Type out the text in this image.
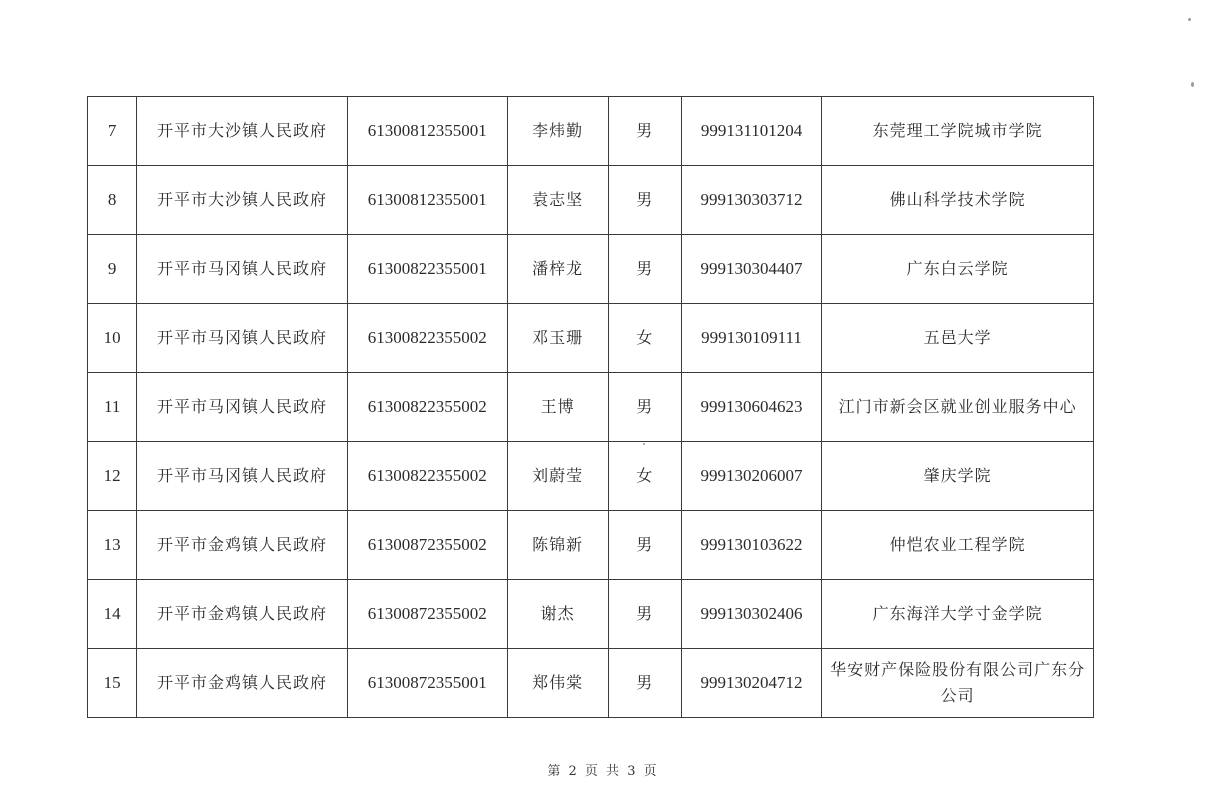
7	开平市大沙镇人民政府	61300812355001	李炜勤	男	999131101204	东莞理工学院城市学院
8	开平市大沙镇人民政府	61300812355001	袁志坚	男	999130303712	佛山科学技术学院
9	开平市马冈镇人民政府	61300822355001	潘梓龙	男	999130304407	广东白云学院
10	开平市马冈镇人民政府	61300822355002	邓玉珊	女	999130109111	五邑大学
11	开平市马冈镇人民政府	61300822355002	王博	男	999130604623	江门市新会区就业创业服务中心
12	开平市马冈镇人民政府	61300822355002	刘蔚莹	女	999130206007	肇庆学院
13	开平市金鸡镇人民政府	61300872355002	陈锦新	男	999130103622	仲恺农业工程学院
14	开平市金鸡镇人民政府	61300872355002	谢杰	男	999130302406	广东海洋大学寸金学院
15	开平市金鸡镇人民政府	61300872355001	郑伟棠	男	999130204712	华安财产保险股份有限公司广东分公司
第 2 页 共 3 页
